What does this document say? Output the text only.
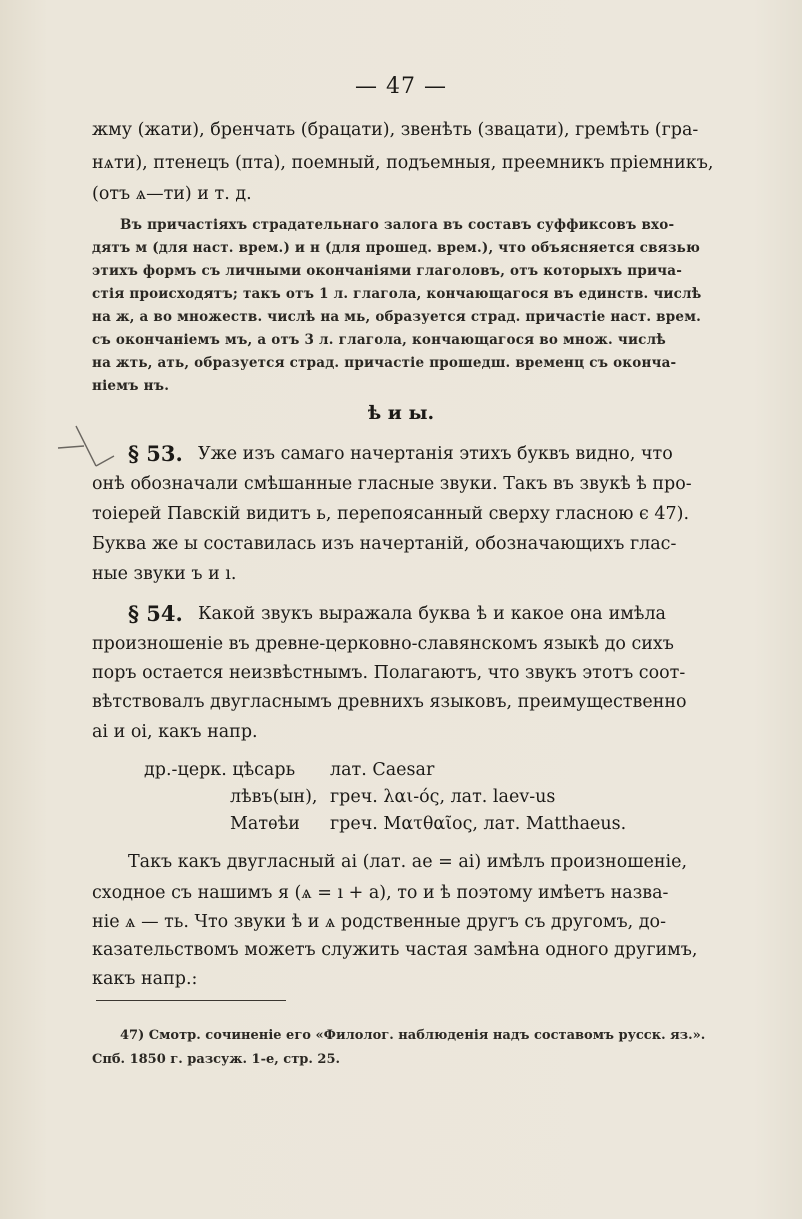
— 47 —
жму (жати), бренчать (брацати), звенѣть (звацати), гремѣть (гра-
нѧти), птенецъ (пта), поемный, подъемныя, преемникъ прiемникъ,
(отъ ѧ—ти) и т. д.
Въ причастiяхъ страдательнаго залога въ составъ суффиксовъ вхо-
дятъ м (для наст. врем.) и н (для прошед. врем.), что объясняется связью
этихъ формъ съ личными окончанiями глаголовъ, отъ которыхъ прича-
стiя происходятъ; такъ отъ 1 л. глагола, кончающагося въ единств. числѣ
на ж, а во множеств. числѣ на мь, образуется страд. причастiе наст. врем.
съ окончанiемъ мъ, а отъ 3 л. глагола, кончающагося во множ. числѣ
на жть, ать, образуется страд. причастiе прошедш. временц съ оконча-
нiемъ нъ.
ѣ и ы.
§ 53. Уже изъ самаго начертанiя этихъ буквъ видно, что
онѣ обозначали смѣшанные гласные звуки. Такъ въ звукѣ ѣ про-
тоiерей Павскiй видитъ ь, перепоясанный сверху гласною є 47).
Буква же ы составилась изъ начертанiй, обозначающихъ глас-
ные звуки ъ и ı.
§ 54. Какой звукъ выражала буква ѣ и какое она имѣла
произношенiе въ древне-церковно-славянскомъ языкѣ до сихъ
поръ остается неизвѣстнымъ. Полагаютъ, что звукъ этотъ соот-
вѣтствовалъ двугласнымъ древнихъ языковъ, преимущественно
ai и oi, какъ напр.
др.-церк. цѣсарь лат. Caesar
лѣвъ(ын), греч. λαι-ός, лат. laev-us
Матѳѣи греч. Ματθαῖος, лат. Matthaeus.
Такъ какъ двугласный ai (лат. ae = ai) имѣлъ произношенiе,
сходное съ нашимъ я (ѧ = ı + а), то и ѣ поэтому имѣетъ назва-
нiе ѧ — ть. Что звуки ѣ и ѧ родственные другъ съ другомъ, до-
казательствомъ можетъ служить частая замѣна одного другимъ,
какъ напр.:
47) Смотр. сочиненiе его «Филолог. наблюденiя надъ составомъ русск. яз.».
Спб. 1850 г. разсуж. 1-е, стр. 25.
